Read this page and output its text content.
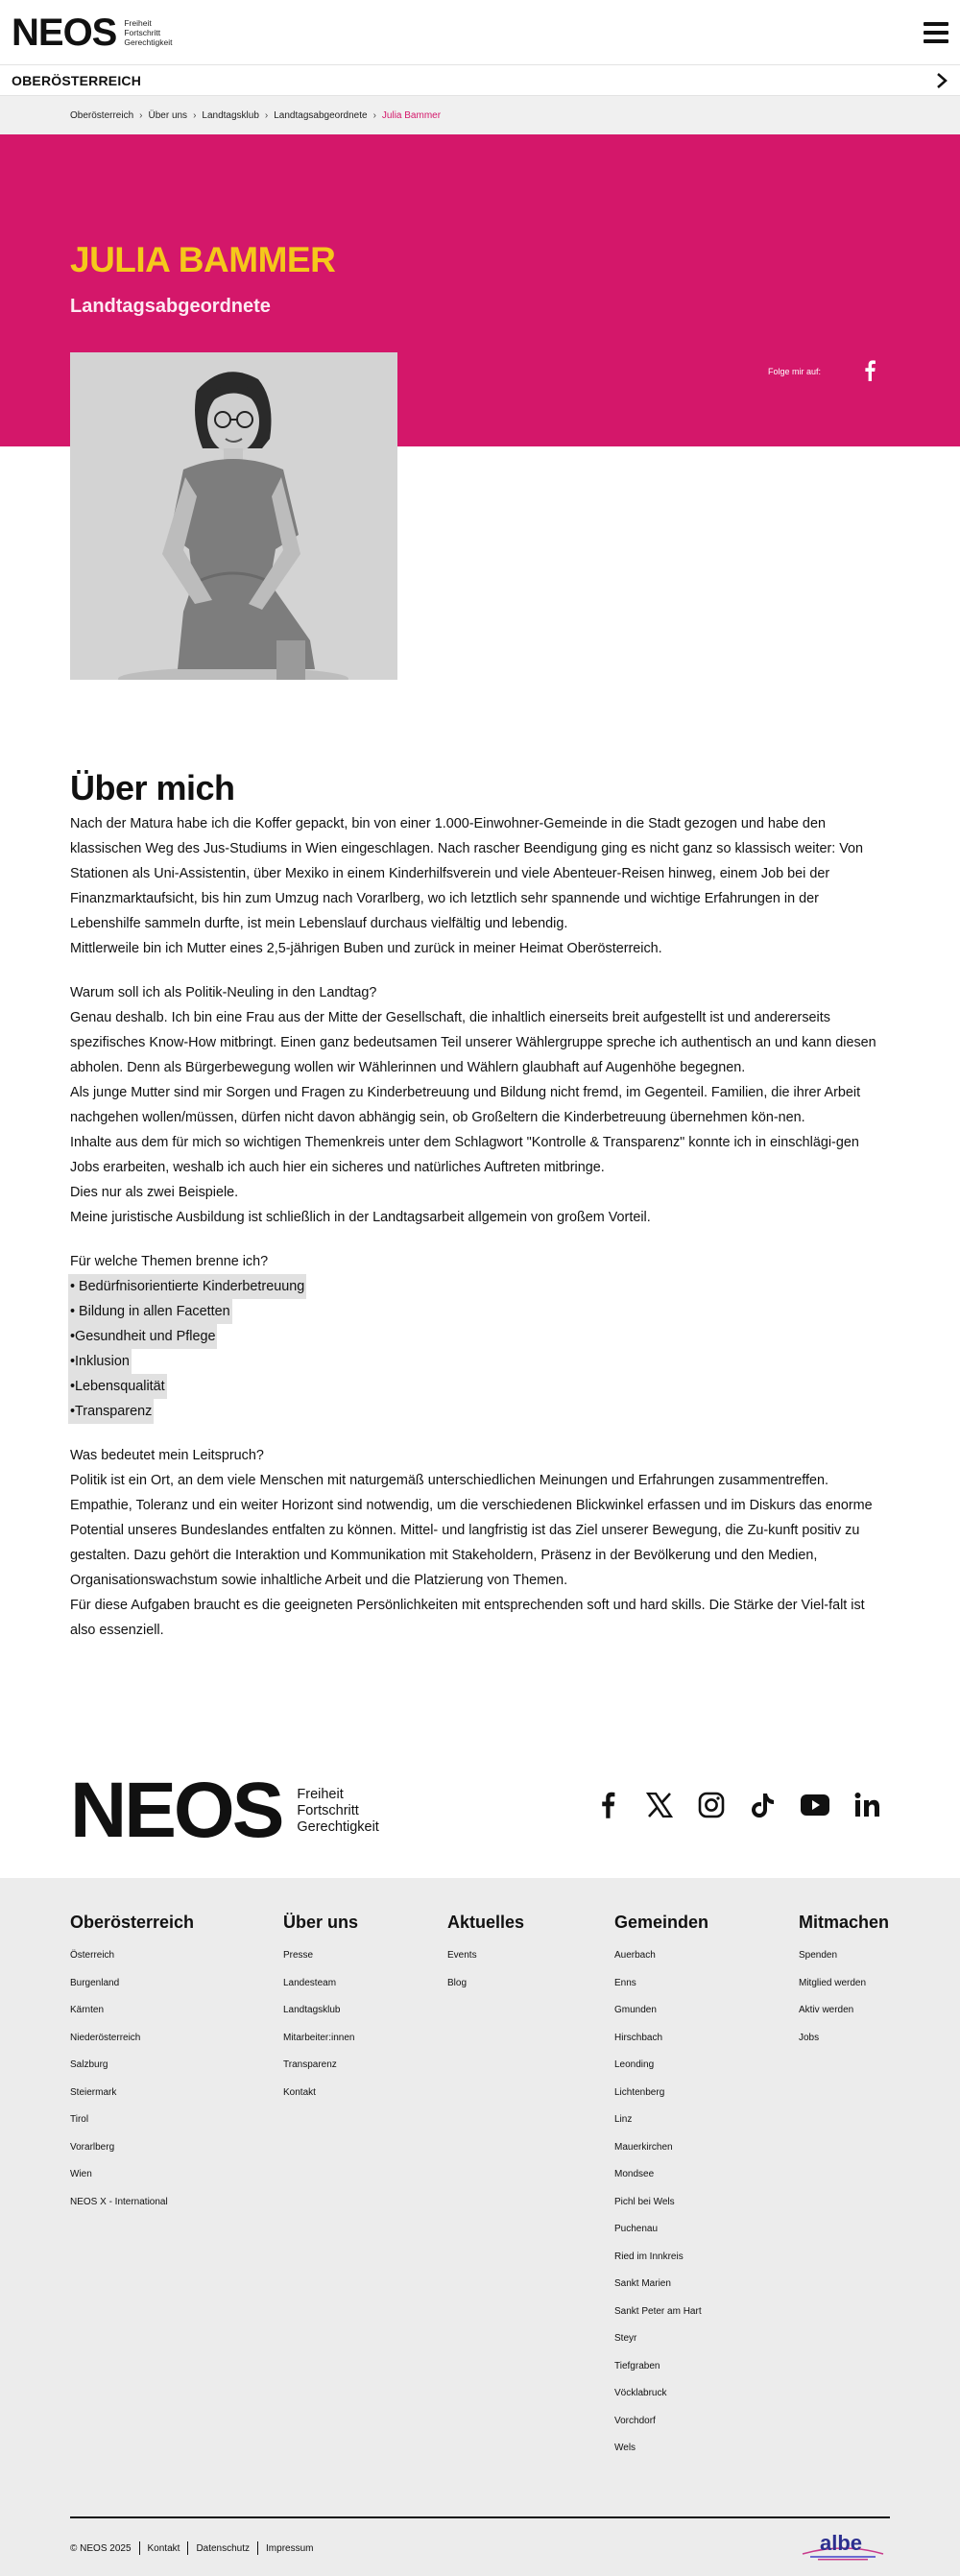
NEOS Freiheit
Fortschritt
Gerechtigkeit
OBERÖSTERREICH
Oberösterreich › Über uns › Landtagsklub › Landtagsabgeordnete › Julia Bammer
JULIA BAMMER
Landtagsabgeordnete
Folge mir auf:
Über mich

Nach der Matura habe ich die Koffer gepackt, bin von einer 1.000-Einwohner-Gemeinde in die Stadt gezogen und habe den klassischen Weg des Jus-Studiums in Wien eingeschlagen. Nach rascher Beendigung ging es nicht ganz so klassisch weiter: Von Stationen als Uni-Assistentin, über Mexiko in einem Kinderhilfsverein und viele Abenteuer-Reisen hinweg, einem Job bei der Finanzmarktaufsicht, bis hin zum Umzug nach Vorarlberg, wo ich letztlich sehr spannende und wichtige Erfahrungen in der Lebenshilfe sammeln durfte, ist mein Lebenslauf durchaus vielfältig und lebendig.

Mittlerweile bin ich Mutter eines 2,5-jährigen Buben und zurück in meiner Heimat Oberösterreich.

Warum soll ich als Politik-Neuling in den Landtag?

Genau deshalb. Ich bin eine Frau aus der Mitte der Gesellschaft, die inhaltlich einerseits breit aufgestellt ist und andererseits spezifisches Know-How mitbringt. Einen ganz bedeutsamen Teil unserer Wählergruppe spreche ich authentisch an und kann diesen abholen. Denn als Bürgerbewegung wollen wir Wählerinnen und Wählern glaubhaft auf Augenhöhe begegnen.

Als junge Mutter sind mir Sorgen und Fragen zu Kinderbetreuung und Bildung nicht fremd, im Gegenteil. Familien, die ihrer Arbeit nachgehen wollen/müssen, dürfen nicht davon abhängig sein, ob Großeltern die Kinderbetreuung übernehmen kön-nen.

Inhalte aus dem für mich so wichtigen Themenkreis unter dem Schlagwort "Kontrolle & Transparenz" konnte ich in einschlägi-gen Jobs erarbeiten, weshalb ich auch hier ein sicheres und natürliches Auftreten mitbringe.

Dies nur als zwei Beispiele.

Meine juristische Ausbildung ist schließlich in der Landtagsarbeit allgemein von großem Vorteil.

Für welche Themen brenne ich?

• Bedürfnisorientierte Kinderbetreuung
• Bildung in allen Facetten
•Gesundheit und Pflege
•Inklusion
•Lebensqualität
•Transparenz

Was bedeutet mein Leitspruch?

Politik ist ein Ort, an dem viele Menschen mit naturgemäß unterschiedlichen Meinungen und Erfahrungen zusammentreffen. Empathie, Toleranz und ein weiter Horizont sind notwendig, um die verschiedenen Blickwinkel erfassen und im Diskurs das enorme Potential unseres Bundeslandes entfalten zu können. Mittel- und langfristig ist das Ziel unserer Bewegung, die Zu-kunft positiv zu gestalten. Dazu gehört die Interaktion und Kommunikation mit Stakeholdern, Präsenz in der Bevölkerung und den Medien, Organisationswachstum sowie inhaltliche Arbeit und die Platzierung von Themen.

Für diese Aufgaben braucht es die geeigneten Persönlichkeiten mit entsprechenden soft und hard skills. Die Stärke der Viel-falt ist also essenziell.

NEOS Freiheit
Fortschritt
Gerechtigkeit
Oberösterreich
Österreich
Burgenland
Kärnten
Niederösterreich
Salzburg
Steiermark
Tirol
Vorarlberg
Wien
NEOS X - International
Über uns
Presse
Landesteam
Landtagsklub
Mitarbeiter:innen
Transparenz
Kontakt
Aktuelles
Events
Blog
Gemeinden
Auerbach
Enns
Gmunden
Hirschbach
Leonding
Lichtenberg
Linz
Mauerkirchen
Mondsee
Pichl bei Wels
Puchenau
Ried im Innkreis
Sankt Marien
Sankt Peter am Hart
Steyr
Tiefgraben
Vöcklabruck
Vorchdorf
Wels
Mitmachen
Spenden
Mitglied werden
Aktiv werden
Jobs
© NEOS 2025 Kontakt Datenschutz Impressum	albe
